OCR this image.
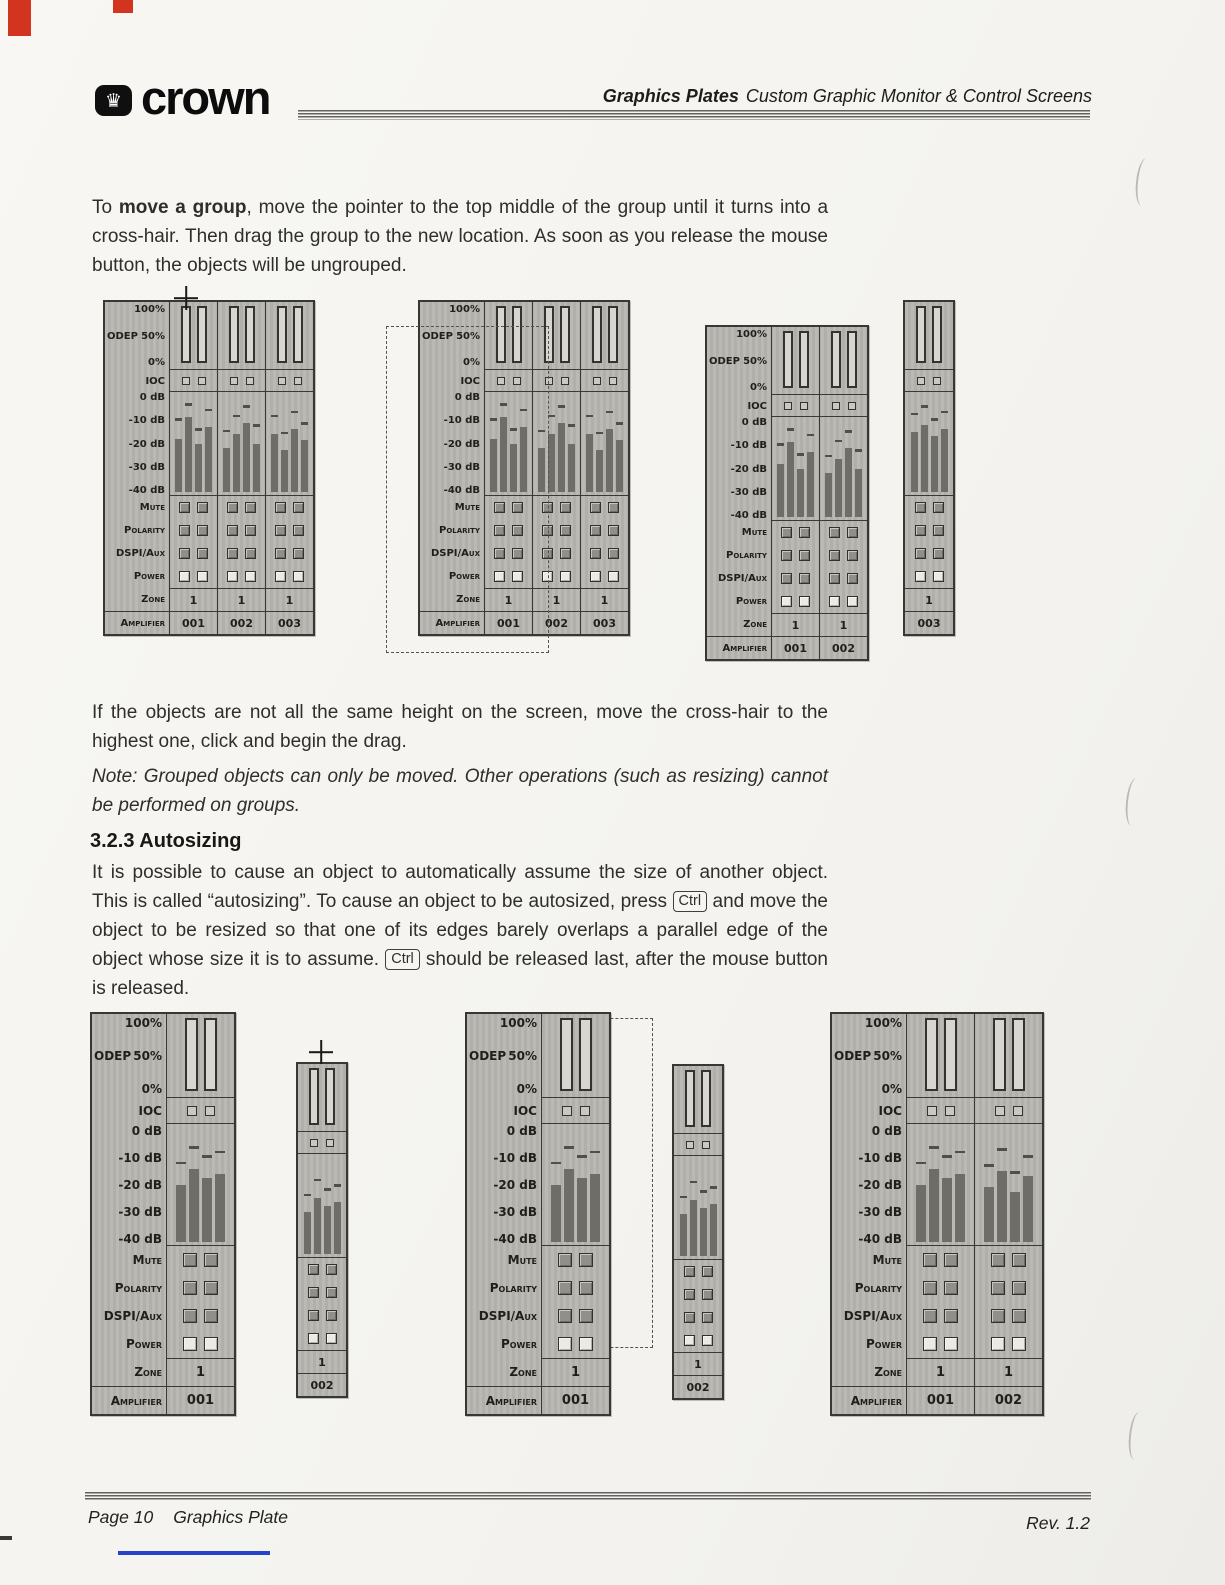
♛ crown	Graphics Plates Custom Graphic Monitor & Control Screens

To move a group, move the pointer to the top middle of the group until it turns into a cross-hair. Then drag the group to the new location. As soon as you release the mouse button, the objects will be ungrouped.

100%
ODEP 50%
0%
IOC
0 dB
-10 dB
-20 dB
-30 dB
-40 dB
Mute
Polarity
DSPI/Aux
Power
Zone
Amplifier
1
001
1
002
1
003
100%
ODEP 50%
0%
IOC
0 dB
-10 dB
-20 dB
-30 dB
-40 dB
Mute
Polarity
DSPI/Aux
Power
Zone
Amplifier
1
001
1
002
1
003
100%
ODEP 50%
0%
IOC
0 dB
-10 dB
-20 dB
-30 dB
-40 dB
Mute
Polarity
DSPI/Aux
Power
Zone
Amplifier
1
001
1
002
1
003

If the objects are not all the same height on the screen, move the cross-hair to the highest one, click and begin the drag.

Note: Grouped objects can only be moved. Other operations (such as resizing) cannot be performed on groups.

3.2.3 Autosizing

It is possible to cause an object to automatically assume the size of another object. This is called “autosizing”. To cause an object to be autosized, press Ctrl and move the object to be resized so that one of its edges barely overlaps a parallel edge of the object whose size it is to assume. Ctrl should be released last, after the mouse button is released.

100%
ODEP 50%
0%
IOC
0 dB
-10 dB
-20 dB
-30 dB
-40 dB
Mute
Polarity
DSPI/Aux
Power
Zone
Amplifier
1
001
1
002
100%
ODEP 50%
0%
IOC
0 dB
-10 dB
-20 dB
-30 dB
-40 dB
Mute
Polarity
DSPI/Aux
Power
Zone
Amplifier
1
001
1
002
100%
ODEP 50%
0%
IOC
0 dB
-10 dB
-20 dB
-30 dB
-40 dB
Mute
Polarity
DSPI/Aux
Power
Zone
Amplifier
1
001
1
002
Page 10 Graphics Plate	Rev. 1.2
